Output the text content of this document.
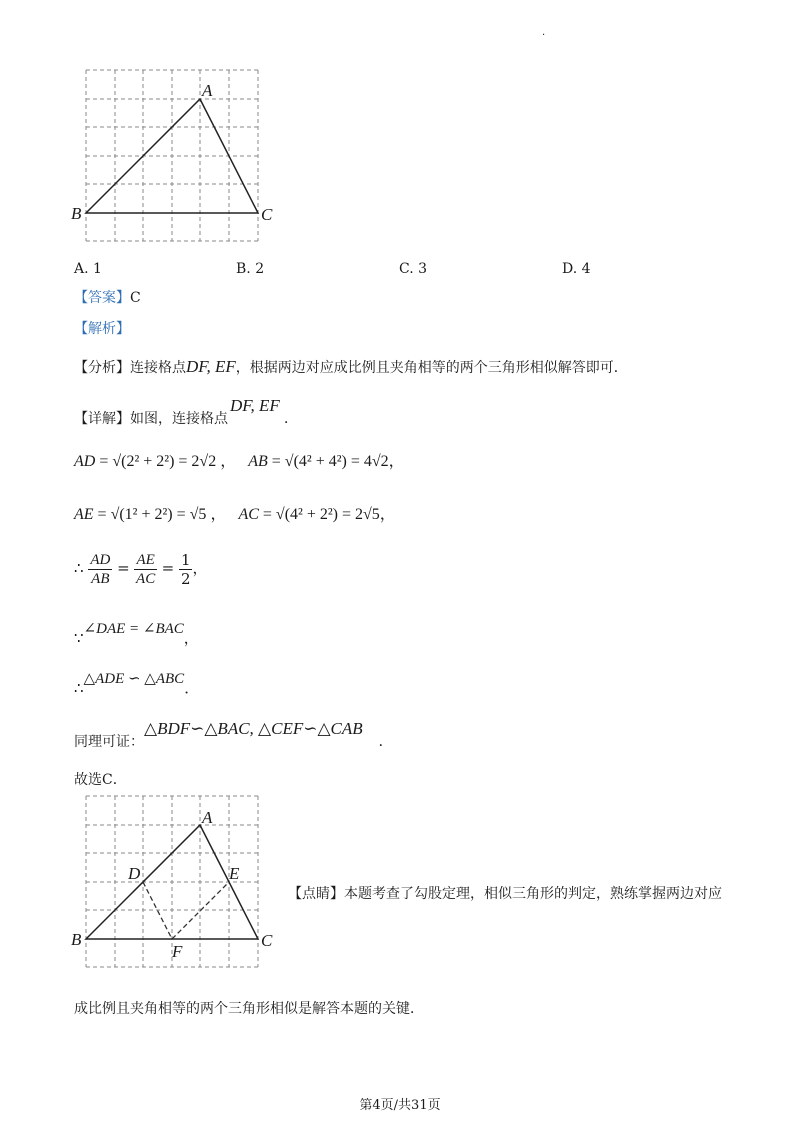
·
A
B	C
A. 1	B. 2	C. 3	D. 4
【答案】C
【解析】
【分析】连接格点DF, EF，根据两边对应成比例且夹角相等的两个三角形相似解答即可．
【详解】如图，连接格点
DF, EF
．
AD = √(2² + 2²) = 2√2 ， AB = √(4² + 4²) = 4√2，
AE = √(1² + 2²) = √5 ， AC = √(4² + 2²) = 2√5，
∴ $\frac{AD}{AB} = \frac{AE}{AC} = \frac{1}{2}$ ，
∵∠DAE = ∠BAC，
∴△ADE ∽ △ABC．
同理可证：△BDF∽△BAC, △CEF∽△CAB．
故选C．
A
B	C
D	E
F
【点睛】本题考查了勾股定理，相似三角形的判定，熟练掌握两边对应
成比例且夹角相等的两个三角形相似是解答本题的关键．
第4页/共31页
